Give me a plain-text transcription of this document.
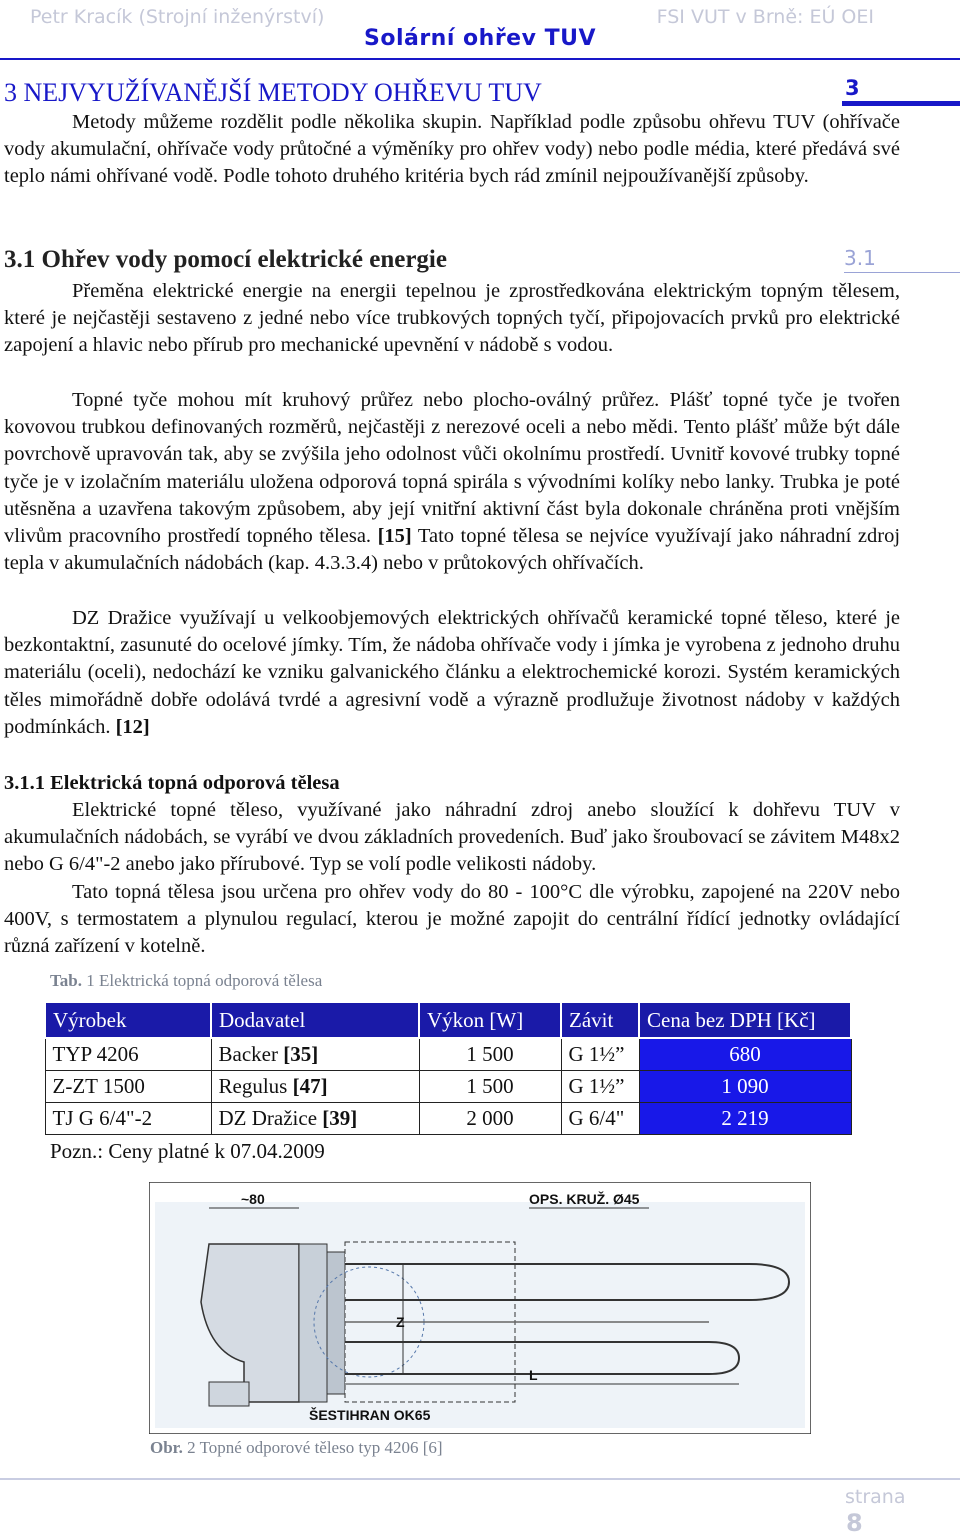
Petr Kracík (Strojní inženýrství)	FSI VUT v Brně: EÚ OEI
Solární ohřev TUV
3 NEJVYUŽÍVANĚJŠÍ METODY OHŘEVU TUV	3

Metody můžeme rozdělit podle několika skupin. Například podle způsobu ohřevu TUV (ohřívače vody akumulační, ohřívače vody průtočné a výměníky pro ohřev vody) nebo podle média, které předává své teplo námi ohřívané vodě. Podle tohoto druhého kritéria bych rád zmínil nejpoužívanější způsoby.

3.1 Ohřev vody pomocí elektrické energie	3.1

Přeměna elektrické energie na energii tepelnou je zprostředkována elektrickým topným tělesem, které je nejčastěji sestaveno z jedné nebo více trubkových topných tyčí, připojovacích prvků pro elektrické zapojení a hlavic nebo přírub pro mechanické upevnění v nádobě s vodou.

Topné tyče mohou mít kruhový průřez nebo plocho-oválný průřez. Plášť topné tyče je tvořen kovovou trubkou definovaných rozměrů, nejčastěji z nerezové oceli a nebo mědi. Tento plášť může být dále povrchově upravován tak, aby se zvýšila jeho odolnost vůči okolnímu prostředí. Uvnitř kovové trubky topné tyče je v izolačním materiálu uložena odporová topná spirála s vývodními kolíky nebo lanky. Trubka je poté utěsněna a uzavřena takovým způsobem, aby její vnitřní aktivní část byla dokonale chráněna proti vnějším vlivům pracovního prostředí topného tělesa. [15] Tato topné tělesa se nejvíce využívají jako náhradní zdroj tepla v akumulačních nádobách (kap. 4.3.3.4) nebo v průtokových ohřívačích.

DZ Dražice využívají u velkoobjemových elektrických ohřívačů keramické topné těleso, které je bezkontaktní, zasunuté do ocelové jímky. Tím, že nádoba ohřívače vody i jímka je vyrobena z jednoho druhu materiálu (oceli), nedochází ke vzniku galvanického článku a elektrochemické korozi. Systém keramických těles mimořádně dobře odolává tvrdé a agresivní vodě a výrazně prodlužuje životnost nádoby v každých podmínkách. [12]

3.1.1 Elektrická topná odporová tělesa

Elektrické topné těleso, využívané jako náhradní zdroj anebo sloužící k dohřevu TUV v akumulačních nádobách, se vyrábí ve dvou základních provedeních. Buď jako šroubovací se závitem M48x2 nebo G 6/4"-2 anebo jako přírubové. Typ se volí podle velikosti nádoby.

Tato topná tělesa jsou určena pro ohřev vody do 80 - 100°C dle výrobku, zapojené na 220V nebo 400V, s termostatem a plynulou regulací, kterou je možné zapojit do centrální řídící jednotky ovládající různá zařízení v kotelně.

Tab. 1 Elektrická topná odporová tělesa
Výrobek	Dodavatel	Výkon [W]	Závit	Cena bez DPH [Kč]
TYP 4206	Backer [35]	1 500	G 1½”	680
Z-ZT 1500	Regulus [47]	1 500	G 1½”	1 090
TJ G 6/4"-2	DZ Dražice [39]	2 000	G 6/4"	2 219
Pozn.: Ceny platné k 07.04.2009
~80	OPS. KRUŽ. Ø45
Z
L
ŠESTIHRAN OK65
Obr. 2 Topné odporové těleso typ 4206 [6]
strana
8
